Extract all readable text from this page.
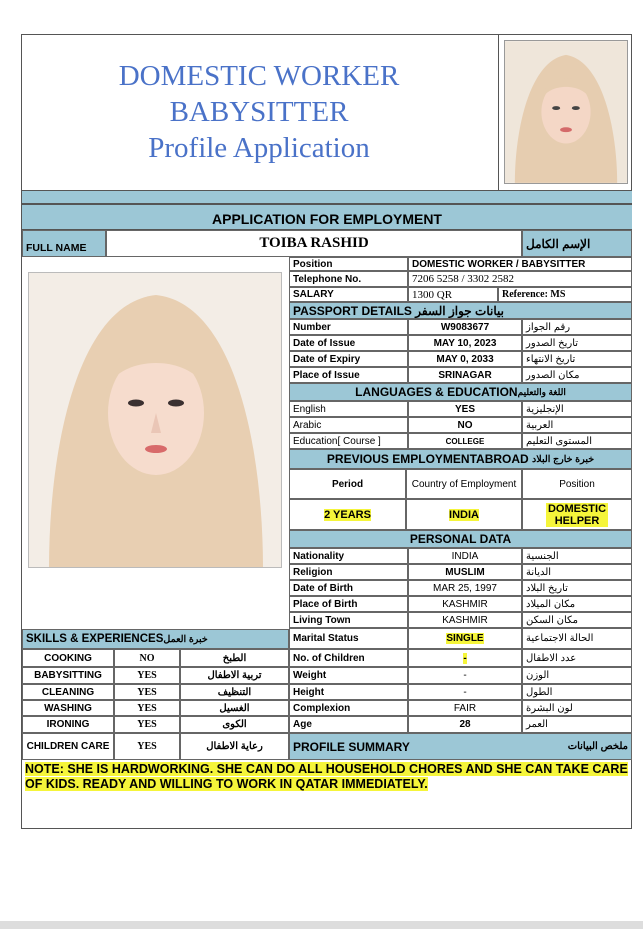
DOMESTIC WORKER
BABYSITTER
Profile Application
APPLICATION FOR EMPLOYMENT
FULL NAME	TOIBA RASHID	الإسم الكامل
Position	DOMESTIC WORKER / BABYSITTER
Telephone No.	7206 5258 / 3302 2582
SALARY	1300 QR	Reference: MS
PASSPORT DETAILS
بيانات جواز السفر
Number	W9083677	رقم الجواز
Date of Issue	MAY 10, 2023	تاريخ الصدور
Date of Expiry	MAY 0, 2033	تاريخ الانتهاء
Place of Issue	SRINAGAR	مكان الصدور
LANGUAGES & EDUCATION اللغة والتعليم
English	YES	الإنجليزية
Arabic	NO	العربية
Education[ Course ]	COLLEGE	المستوى التعليم
PREVIOUS EMPLOYMENTABROAD
خبرة خارج البلاد
Period	Country of Employment	Position
2 YEARS	INDIA	DOMESTIC HELPER
PERSONAL DATA
Nationality	INDIA	الجنسية
Religion	MUSLIM	الديانة
Date of Birth	MAR 25, 1997	تاريخ البلاد
Place of Birth	KASHMIR	مكان الميلاد
Living Town	KASHMIR	مكان السكن
Marital Status	SINGLE	الحالة الاجتماعية
No. of Children	-	عدد الاطفال
Weight	-	الوزن
Height	-	الطول
Complexion	FAIR	لون البشرة
Age	28	العمر
SKILLS & EXPERIENCES خبرة العمل
COOKING	NO	الطبخ
BABYSITTING	YES	تربية الاطفال
CLEANING	YES	التنظيف
WASHING	YES	الغسيل
IRONING	YES	الكوى
CHILDREN CARE	YES	رعاية الاطفال	PROFILE SUMMARY	ملخص البيانات
NOTE: SHE IS HARDWORKING. SHE CAN DO ALL HOUSEHOLD CHORES AND SHE CAN TAKE CARE OF KIDS. READY AND WILLING TO WORK IN QATAR IMMEDIATELY.
